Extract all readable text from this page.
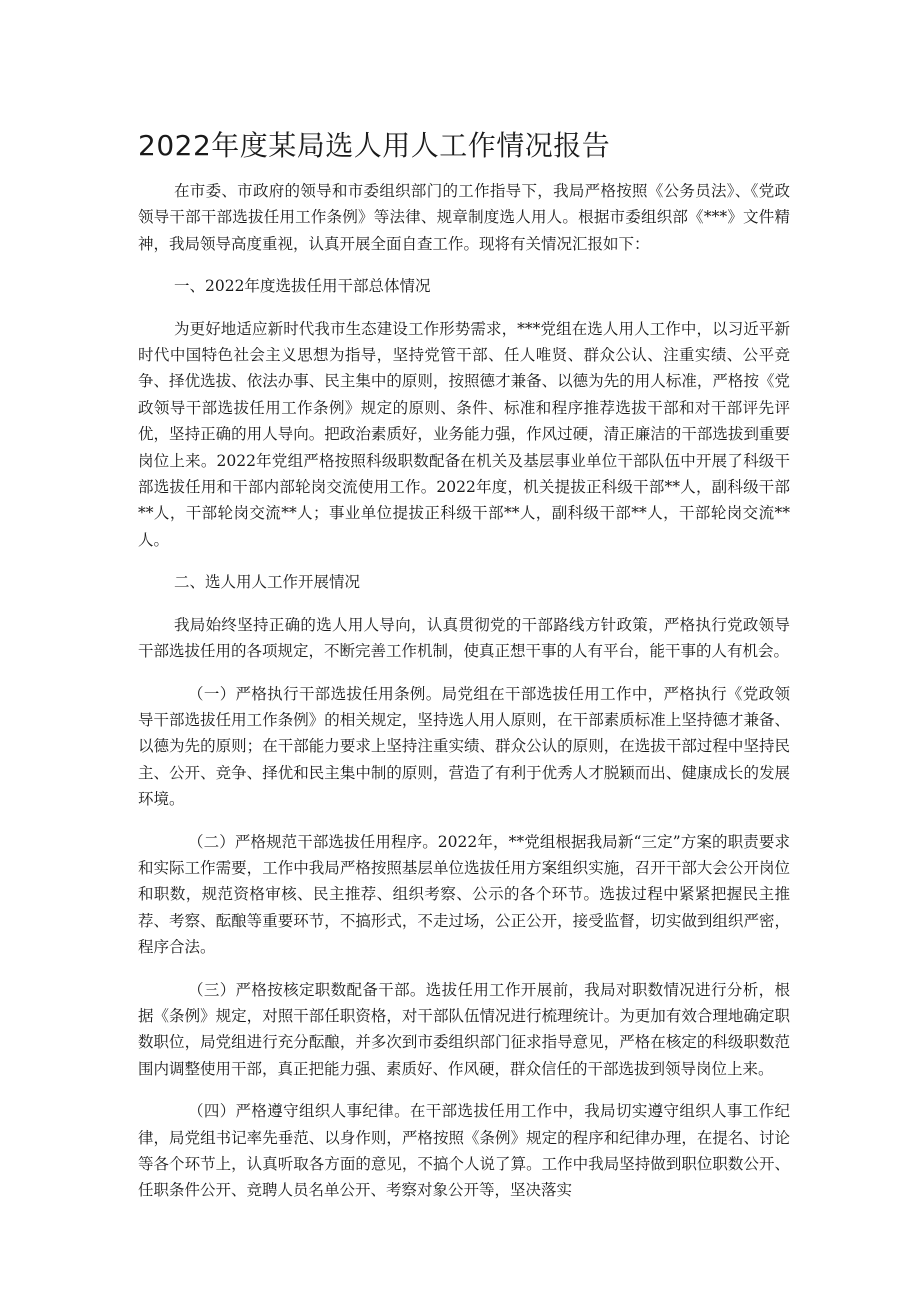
2022年度某局选人用人工作情况报告

在市委、市政府的领导和市委组织部门的工作指导下，我局严格按照《公务员法》、《党政领导干部干部选拔任用工作条例》等法律、规章制度选人用人。根据市委组织部《***》文件精神，我局领导高度重视，认真开展全面自查工作。现将有关情况汇报如下：

一、2022年度选拔任用干部总体情况

为更好地适应新时代我市生态建设工作形势需求，***党组在选人用人工作中，以习近平新时代中国特色社会主义思想为指导，坚持党管干部、任人唯贤、群众公认、注重实绩、公平竞争、择优选拔、依法办事、民主集中的原则，按照德才兼备、以德为先的用人标准，严格按《党政领导干部选拔任用工作条例》规定的原则、条件、标准和程序推荐选拔干部和对干部评先评优，坚持正确的用人导向。把政治素质好，业务能力强，作风过硬，清正廉洁的干部选拔到重要岗位上来。2022年党组严格按照科级职数配备在机关及基层事业单位干部队伍中开展了科级干部选拔任用和干部内部轮岗交流使用工作。2022年度，机关提拔正科级干部**人，副科级干部**人，干部轮岗交流**人；事业单位提拔正科级干部**人，副科级干部**人，干部轮岗交流**人。

二、选人用人工作开展情况

我局始终坚持正确的选人用人导向，认真贯彻党的干部路线方针政策，严格执行党政领导干部选拔任用的各项规定，不断完善工作机制，使真正想干事的人有平台，能干事的人有机会。

（一）严格执行干部选拔任用条例。局党组在干部选拔任用工作中，严格执行《党政领导干部选拔任用工作条例》的相关规定，坚持选人用人原则，在干部素质标准上坚持德才兼备、以德为先的原则；在干部能力要求上坚持注重实绩、群众公认的原则，在选拔干部过程中坚持民主、公开、竞争、择优和民主集中制的原则，营造了有利于优秀人才脱颖而出、健康成长的发展环境。

（二）严格规范干部选拔任用程序。2022年，**党组根据我局新“三定”方案的职责要求和实际工作需要，工作中我局严格按照基层单位选拔任用方案组织实施，召开干部大会公开岗位和职数，规范资格审核、民主推荐、组织考察、公示的各个环节。选拔过程中紧紧把握民主推荐、考察、酝酿等重要环节，不搞形式，不走过场，公正公开，接受监督，切实做到组织严密，程序合法。

（三）严格按核定职数配备干部。选拔任用工作开展前，我局对职数情况进行分析，根据《条例》规定，对照干部任职资格，对干部队伍情况进行梳理统计。为更加有效合理地确定职数职位，局党组进行充分酝酿，并多次到市委组织部门征求指导意见，严格在核定的科级职数范围内调整使用干部，真正把能力强、素质好、作风硬，群众信任的干部选拔到领导岗位上来。

（四）严格遵守组织人事纪律。在干部选拔任用工作中，我局切实遵守组织人事工作纪律，局党组书记率先垂范、以身作则，严格按照《条例》规定的程序和纪律办理，在提名、讨论等各个环节上，认真听取各方面的意见，不搞个人说了算。工作中我局坚持做到职位职数公开、任职条件公开、竞聘人员名单公开、考察对象公开等，坚决落实
